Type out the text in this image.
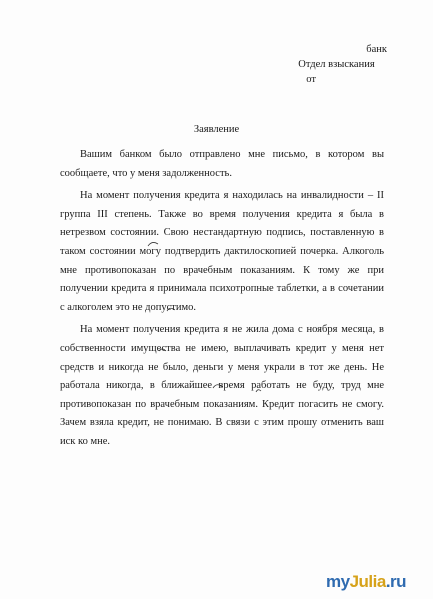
банк
Отдел взыскания
от
Заявление

Вашим банком было отправлено мне письмо, в котором вы сообщаете, что у меня задолженность.

На момент получения кредита я находилась на инвалидности – II группа III степень. Также во время получения кредита я была в нетрезвом состоянии. Свою нестандартную подпись, поставленную в таком состоянии могу подтвердить дактилоскопией почерка. Алкоголь мне противопоказан по врачебным показаниям. К тому же при получении кредита я принимала психотропные таблетки, а в сочетании с алкоголем это не допустимо.

На момент получения кредита я не жила дома с ноября месяца, в собственности имущества не имею, выплачивать кредит у меня нет средств и никогда не было, деньги у меня украли в тот же день. Не работала никогда, в ближайшее время работать не буду, труд мне противопоказан по врачебным показаниям. Кредит погасить не смогу. Зачем взяла кредит, не понимаю. В связи с этим прошу отменить ваш иск ко мне.

myJulia.ru
